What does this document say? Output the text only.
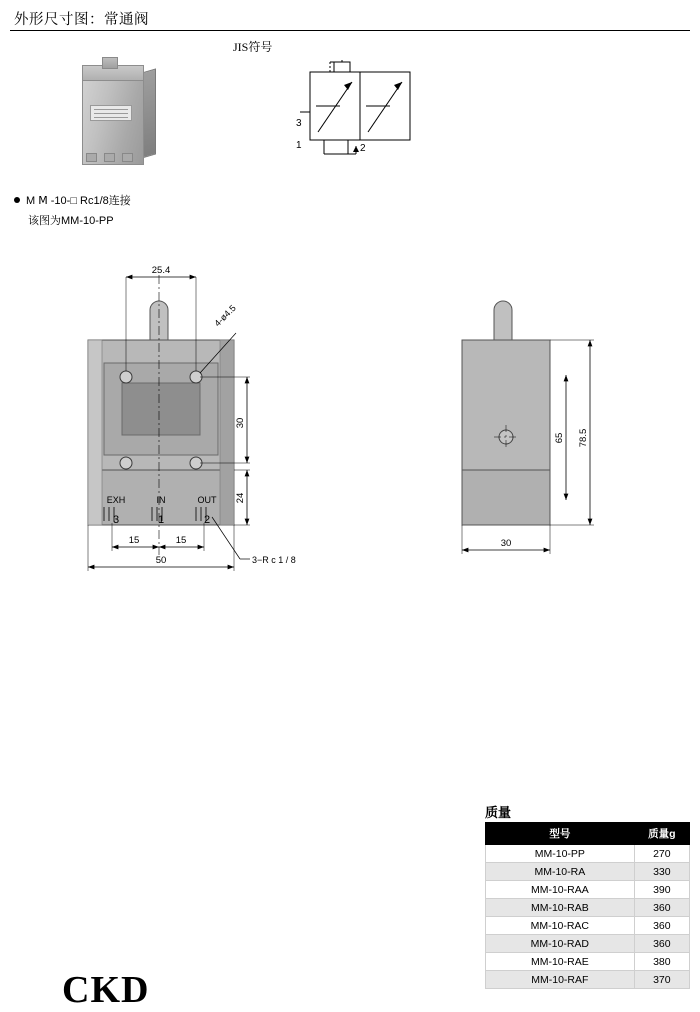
外形尺寸图：常通阀
JIS符号
3
1	2
M Ⅿ -10-□ Rc1/8连接
该图为MM-10-PP
25.4
4-ø4.5
30
24
15	15
50	3−R c 1 / 8
EXH	IN	OUT
3	1	2
65 78.5
30
质量
型号	质量g
MM-10-PP	270
MM-10-RA	330
MM-10-RAA	390
MM-10-RAB	360
MM-10-RAC	360
MM-10-RAD	360
MM-10-RAE	380
MM-10-RAF	370
CKD
